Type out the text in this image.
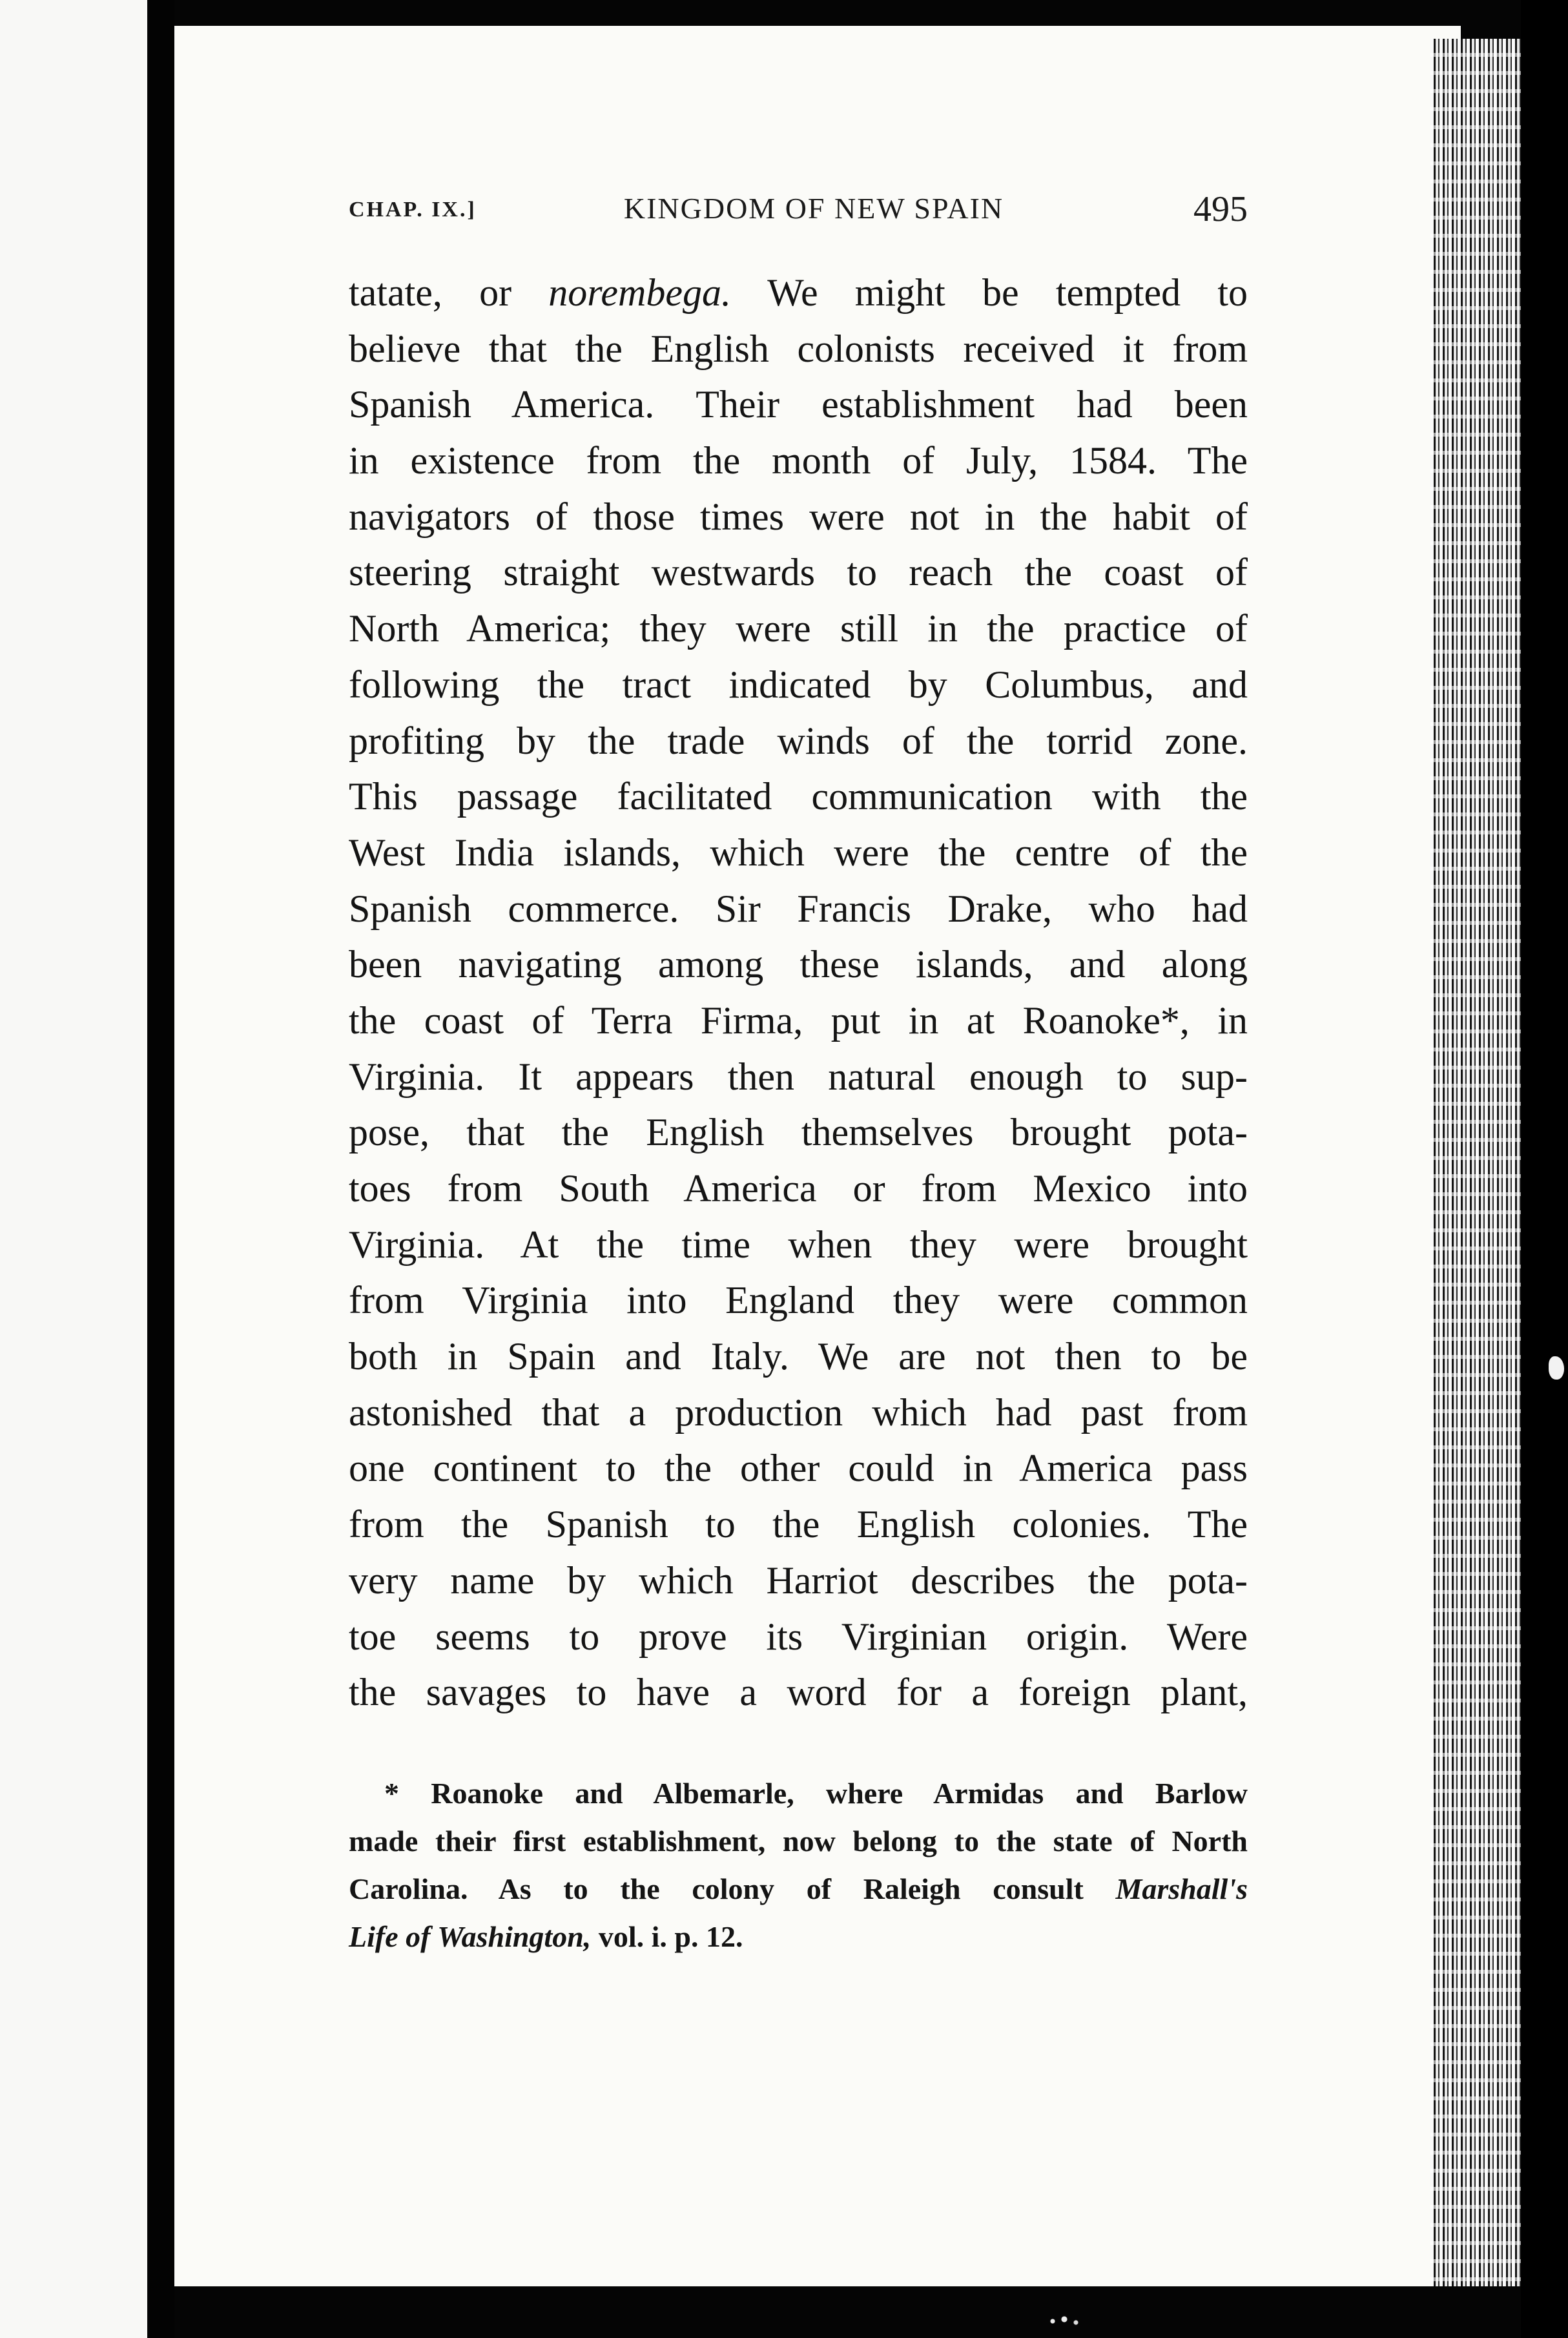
CHAP. IX.]	KINGDOM OF NEW SPAIN	495
tatate, or norembega. We might be tempted to
believe that the English colonists received it from
Spanish America. Their establishment had been
in existence from the month of July, 1584. The
navigators of those times were not in the habit of
steering straight westwards to reach the coast of
North America; they were still in the practice of
following the tract indicated by Columbus, and
profiting by the trade winds of the torrid zone.
This passage facilitated communication with the
West India islands, which were the centre of the
Spanish commerce. Sir Francis Drake, who had
been navigating among these islands, and along
the coast of Terra Firma, put in at Roanoke*, in
Virginia. It appears then natural enough to sup-
pose, that the English themselves brought pota-
toes from South America or from Mexico into
Virginia. At the time when they were brought
from Virginia into England they were common
both in Spain and Italy. We are not then to be
astonished that a production which had past from
one continent to the other could in America pass
from the Spanish to the English colonies. The
very name by which Harriot describes the pota-
toe seems to prove its Virginian origin. Were
the savages to have a word for a foreign plant,
* Roanoke and Albemarle, where Armidas and Barlow
made their first establishment, now belong to the state of North
Carolina. As to the colony of Raleigh consult Marshall's
Life of Washington, vol. i. p. 12.
